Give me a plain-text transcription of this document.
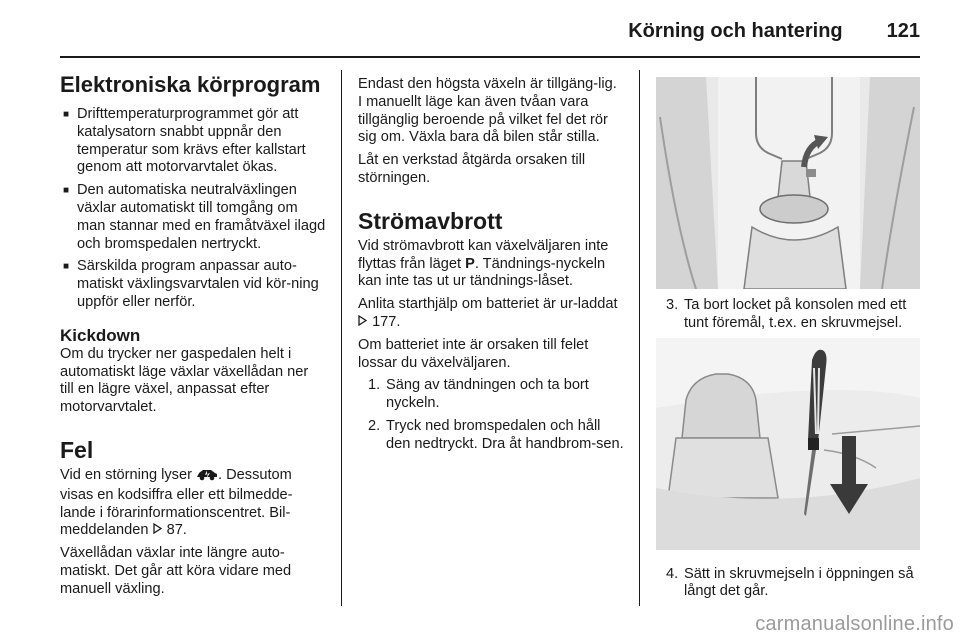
Körning och hantering 121
Elektroniska körprogram
■ Drifttemperaturprogrammet gör att katalysatorn snabbt uppnår den temperatur som krävs efter kallstart genom att motorvarvtalet ökas.
■ Den automatiska neutralväxlingen växlar automatiskt till tomgång om man stannar med en framåtväxel ilagd och bromspedalen nertryckt.
■ Särskilda program anpassar auto-matiskt växlingsvarvtalen vid kör-ning uppför eller nerför.
Kickdown

Om du trycker ner gaspedalen helt i automatiskt läge växlar växellådan ner till en lägre växel, anpassat efter motorvarvtalet.

Fel

Vid en störning lyser . Dessutom visas en kodsiffra eller ett bilmedde-lande i förarinformationscentret. Bil-meddelanden  87.

Växellådan växlar inte längre auto-matiskt. Det går att köra vidare med manuell växling.

Endast den högsta växeln är tillgäng-lig. I manuellt läge kan även tvåan vara tillgänglig beroende på vilket fel det rör sig om. Växla bara då bilen står stilla.

Låt en verkstad åtgärda orsaken till störningen.

Strömavbrott

Vid strömavbrott kan växelväljaren inte flyttas från läget P. Tändnings-nyckeln kan inte tas ut ur tändnings-låset.

Anlita starthjälp om batteriet är ur-laddat  177.

Om batteriet inte är orsaken till felet lossar du växelväljaren.

1. Säng av tändningen och ta bort nyckeln.
2. Tryck ned bromspedalen och håll den nedtryckt. Dra åt handbrom-sen.
3. Ta bort locket på konsolen med ett tunt föremål, t.ex. en skruvmejsel.
4. Sätt in skruvmejseln i öppningen så långt det går.
carmanualsonline.info
